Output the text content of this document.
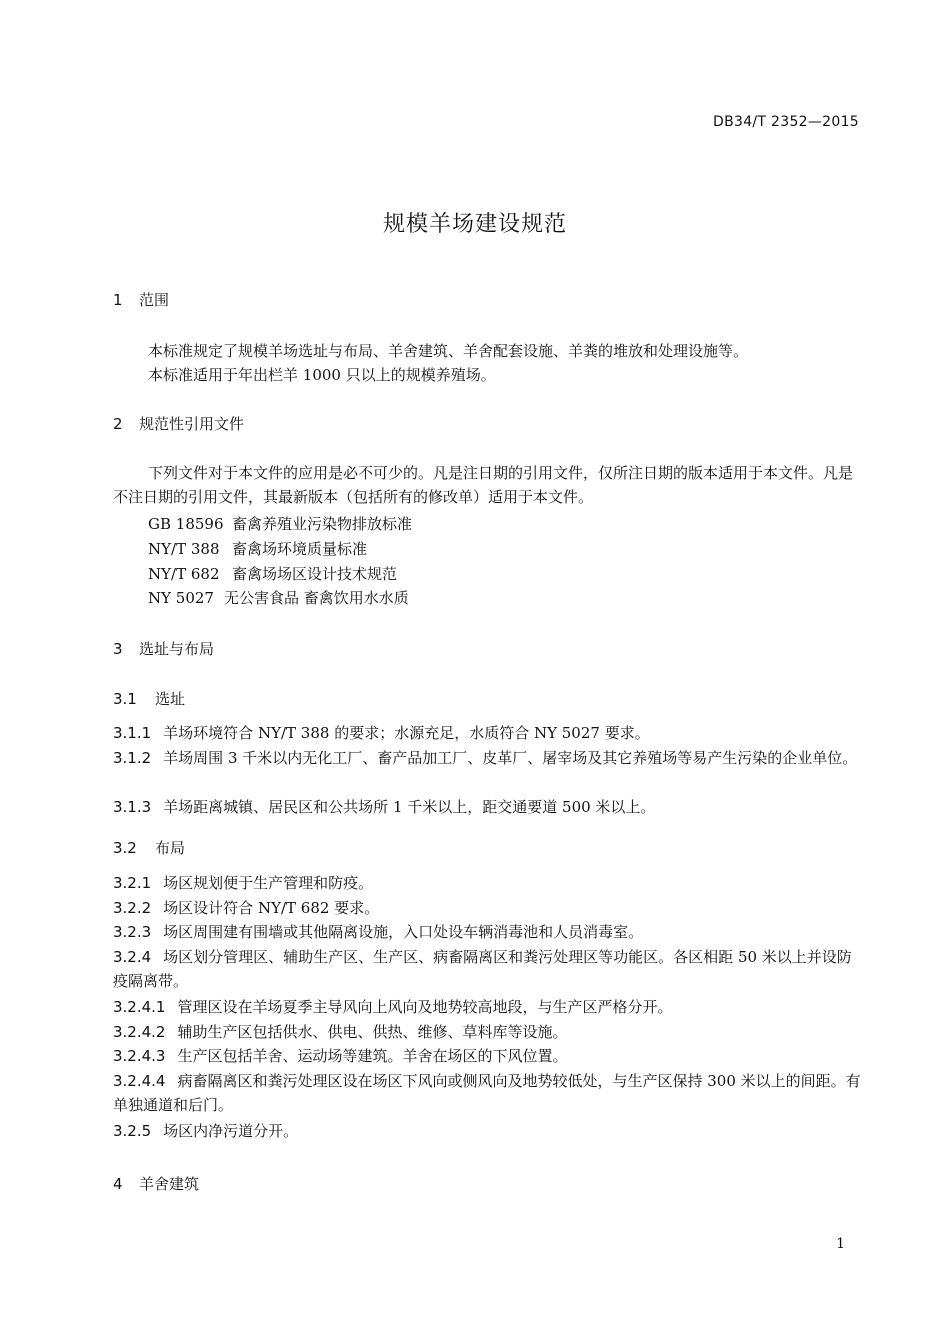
DB34/T 2352—2015
规模羊场建设规范
1 范围
本标准规定了规模羊场选址与布局、羊舍建筑、羊舍配套设施、羊粪的堆放和处理设施等。
本标准适用于年出栏羊 1000 只以上的规模养殖场。
2 规范性引用文件
下列文件对于本文件的应用是必不可少的。凡是注日期的引用文件，仅所注日期的版本适用于本文件。凡是不注日期的引用文件，其最新版本（包括所有的修改单）适用于本文件。
GB 18596 畜禽养殖业污染物排放标准
NY/T 388 畜禽场环境质量标准
NY/T 682 畜禽场场区设计技术规范
NY 5027 无公害食品 畜禽饮用水水质
3 选址与布局
3.1 选址
3.1.1 羊场环境符合 NY/T 388 的要求；水源充足，水质符合 NY 5027 要求。
3.1.2 羊场周围 3 千米以内无化工厂、畜产品加工厂、皮革厂、屠宰场及其它养殖场等易产生污染的企业单位。
3.1.3 羊场距离城镇、居民区和公共场所 1 千米以上，距交通要道 500 米以上。
3.2 布局
3.2.1 场区规划便于生产管理和防疫。
3.2.2 场区设计符合 NY/T 682 要求。
3.2.3 场区周围建有围墙或其他隔离设施，入口处设车辆消毒池和人员消毒室。
3.2.4 场区划分管理区、辅助生产区、生产区、病畜隔离区和粪污处理区等功能区。各区相距 50 米以上并设防疫隔离带。
3.2.4.1 管理区设在羊场夏季主导风向上风向及地势较高地段，与生产区严格分开。
3.2.4.2 辅助生产区包括供水、供电、供热、维修、草料库等设施。
3.2.4.3 生产区包括羊舍、运动场等建筑。羊舍在场区的下风位置。
3.2.4.4 病畜隔离区和粪污处理区设在场区下风向或侧风向及地势较低处，与生产区保持 300 米以上的间距。有单独通道和后门。
3.2.5 场区内净污道分开。
4 羊舍建筑
1
